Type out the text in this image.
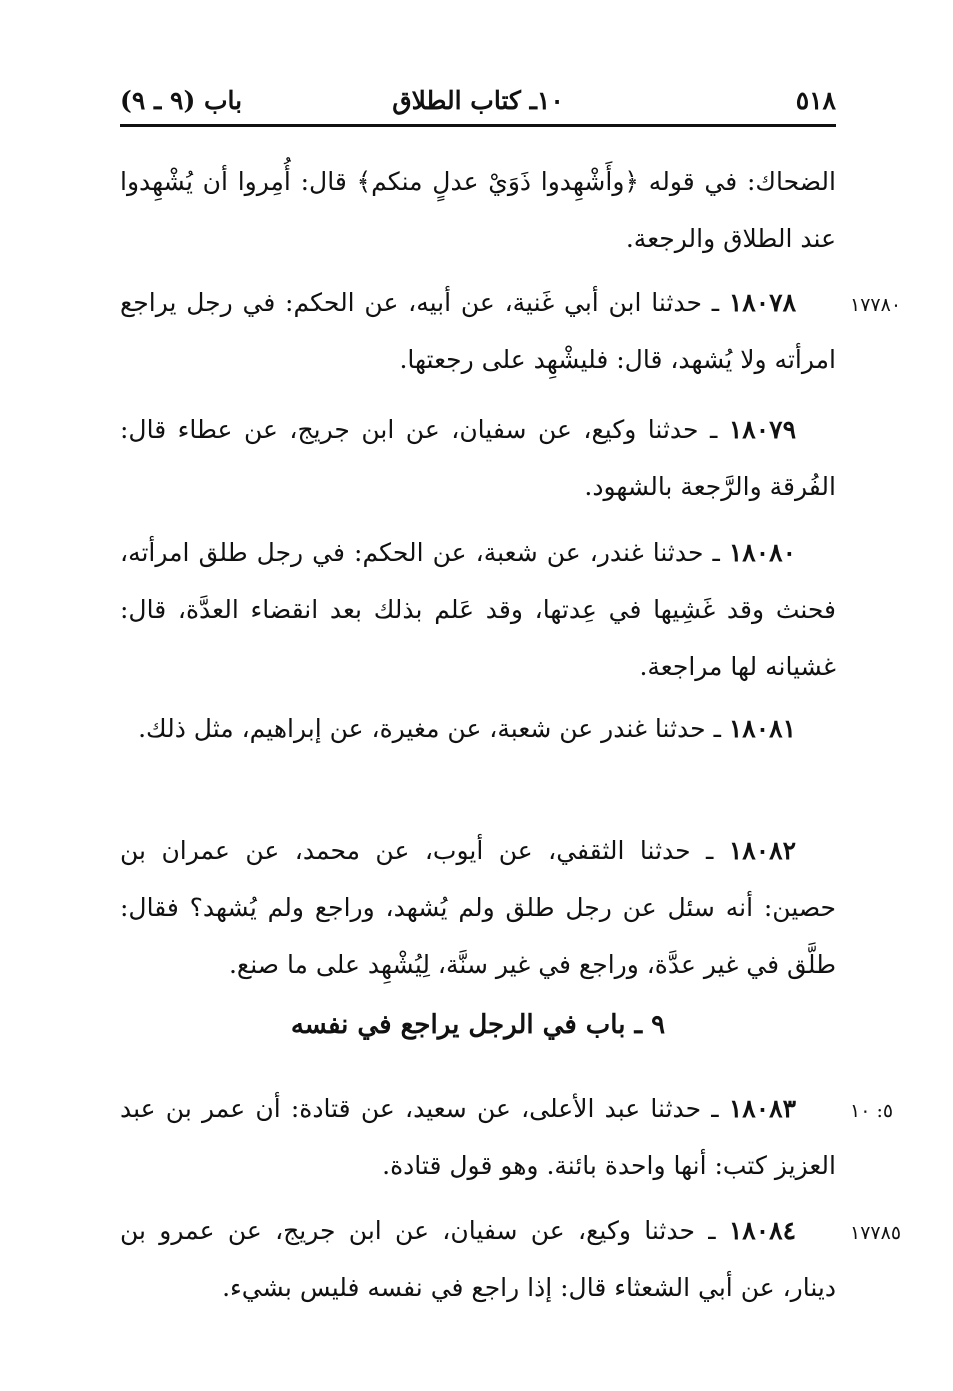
٥١٨
١٠ـ كتاب الطلاق
باب (٩ ـ ٩)
الضحاك: في قوله ﴿وأَشْهِدوا ذَوَيْ عدلٍ منكم﴾ قال: أُمِروا أن يُشْهِدوا عند الطلاق والرجعة.
١٧٧٨٠
١٨٠٧٨ ـ حدثنا ابن أبي غَنية، عن أبيه، عن الحكم: في رجل يراجع امرأته ولا يُشهد، قال: فليشْهِد على رجعتها.
١٨٠٧٩ ـ حدثنا وكيع، عن سفيان، عن ابن جريج، عن عطاء قال: الفُرقة والرَّجعة بالشهود.
١٨٠٨٠ ـ حدثنا غندر، عن شعبة، عن الحكم: في رجل طلق امرأته، فحنث وقد غَشِيها في عِدتها، وقد عَلم بذلك بعد انقضاء العدَّة، قال: غشيانه لها مراجعة.
١٨٠٨١ ـ حدثنا غندر عن شعبة، عن مغيرة، عن إبراهيم، مثل ذلك.
١٨٠٨٢ ـ حدثنا الثقفي، عن أيوب، عن محمد، عن عمران بن حصين: أنه سئل عن رجل طلق ولم يُشهد، وراجع ولم يُشهد؟ فقال: طلَّق في غير عدَّة، وراجع في غير سنَّة، لِيُشْهِد على ما صنع.
٩ ـ باب في الرجل يراجع في نفسه
٥: ١٠
١٨٠٨٣ ـ حدثنا عبد الأعلى، عن سعيد، عن قتادة: أن عمر بن عبد العزيز كتب: أنها واحدة بائنة. وهو قول قتادة.
١٧٧٨٥
١٨٠٨٤ ـ حدثنا وكيع، عن سفيان، عن ابن جريج، عن عمرو بن دينار، عن أبي الشعثاء قال: إذا راجع في نفسه فليس بشيء.
